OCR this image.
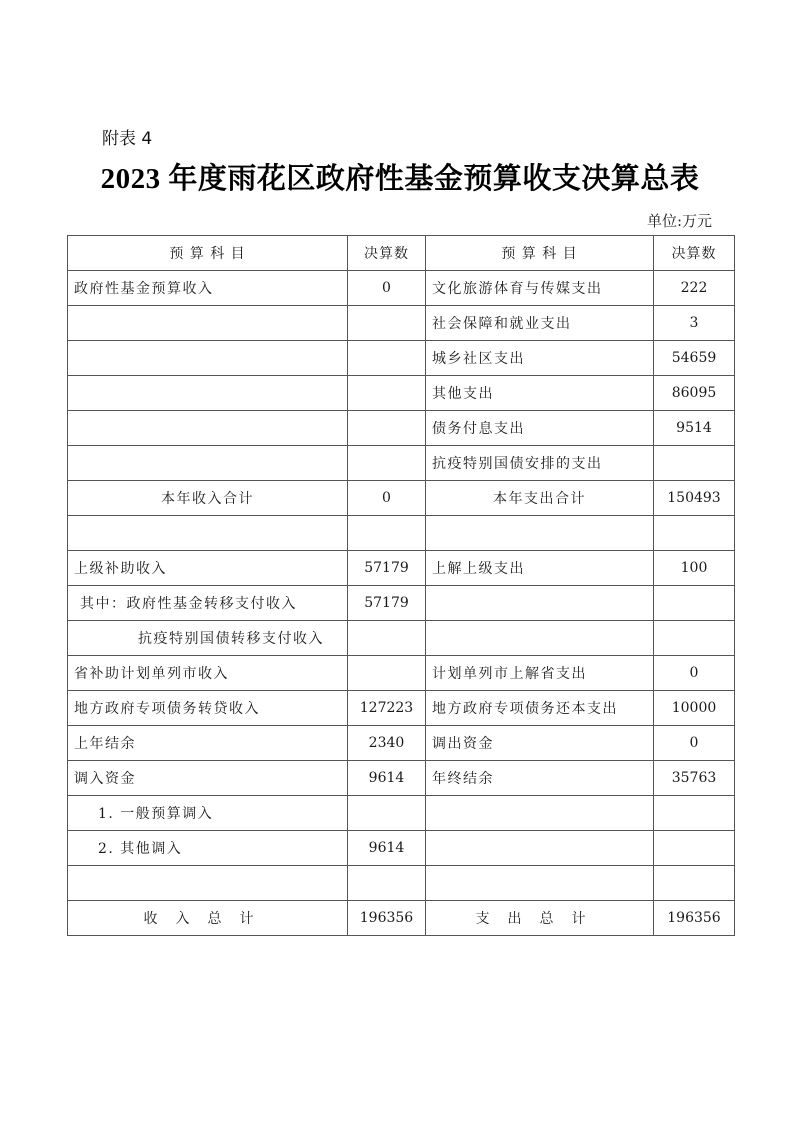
附表 4
2023 年度雨花区政府性基金预算收支决算总表
单位:万元
预 算 科 目	决算数	预 算 科 目	决算数
政府性基金预算收入	0	文化旅游体育与传媒支出	222
		社会保障和就业支出	3
		城乡社区支出	54659
		其他支出	86095
		债务付息支出	9514
		抗疫特别国债安排的支出	
本年收入合计	0	本年支出合计	150493

上级补助收入	57179	上解上级支出	100
其中：政府性基金转移支付收入	57179		
抗疫特别国债转移支付收入			
省补助计划单列市收入		计划单列市上解省支出	0
地方政府专项债务转贷收入	127223	地方政府专项债务还本支出	10000
上年结余	2340	调出资金	0
调入资金	9614	年终结余	35763
1. 一般预算调入			
2. 其他调入	9614		

收入总计	196356	支出总计	196356
